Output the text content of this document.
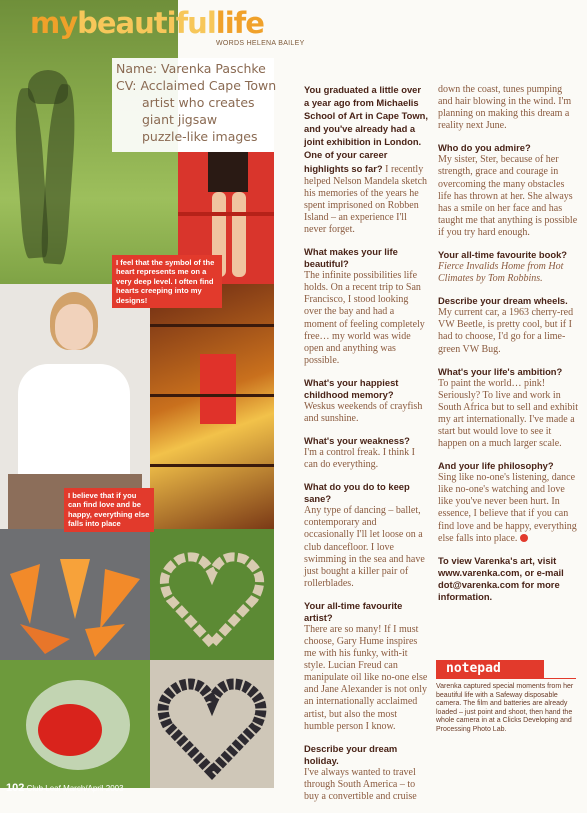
mybeautifullife
WORDS HELENA BAILEY
Name: Varenka Paschke
CV: Acclaimed Cape Town
artist who creates
giant jigsaw
puzzle-like images
I feel that the symbol of the heart represents me on a very deep level. I often find hearts creeping into my designs!
I believe that if you can find love and be happy, everything else falls into place
You graduated a little over a year ago from Michaelis School of Art in Cape Town, and you've already had a joint exhibition in London. One of your career highlights so far? I recently helped Nelson Mandela sketch his memories of the years he spent imprisoned on Robben Island – an experience I'll never forget.
What makes your life beautiful?
The infinite possibilities life holds. On a recent trip to San Francisco, I stood looking over the bay and had a moment of feeling completely free… my world was wide open and anything was possible.
What's your happiest childhood memory?
Weskus weekends of crayfish and sunshine.
What's your weakness?
I'm a control freak. I think I can do everything.
What do you do to keep sane?
Any type of dancing – ballet, contemporary and occasionally I'll let loose on a club dancefloor. I love swimming in the sea and have just bought a killer pair of rollerblades.
Your all-time favourite artist?
There are so many! If I must choose, Gary Hume inspires me with his funky, with-it style. Lucian Freud can manipulate oil like no-one else and Jane Alexander is not only an internationally acclaimed artist, but also the most humble person I know.
Describe your dream holiday.
I've always wanted to travel through South America – to buy a convertible and cruise
down the coast, tunes pumping and hair blowing in the wind. I'm planning on making this dream a reality next June.
Who do you admire?
My sister, Ster, because of her strength, grace and courage in overcoming the many obstacles life has thrown at her. She always has a smile on her face and has taught me that anything is possible if you try hard enough.
Your all-time favourite book?
Fierce Invalids Home from Hot Climates by Tom Robbins.
Describe your dream wheels.
My current car, a 1963 cherry-red VW Beetle, is pretty cool, but if I had to choose, I'd go for a lime-green VW Bug.
What's your life's ambition?
To paint the world… pink! Seriously? To live and work in South Africa but to sell and exhibit my art internationally. I've made a start but would love to see it happen on a much larger scale.
And your life philosophy?
Sing like no-one's listening, dance like no-one's watching and love like you've never been hurt. In essence, I believe that if you can find love and be happy, everything else falls into place.
To view Varenka's art, visit www.varenka.com, or e-mail dot@varenka.com for more information.
notepad
Varenka captured special moments from her beautiful life with a Safeway disposable camera. The film and batteries are already loaded – just point and shoot, then hand the whole camera in at a Clicks Developing and Processing Photo Lab.
102 Club Leaf March/April 2003
